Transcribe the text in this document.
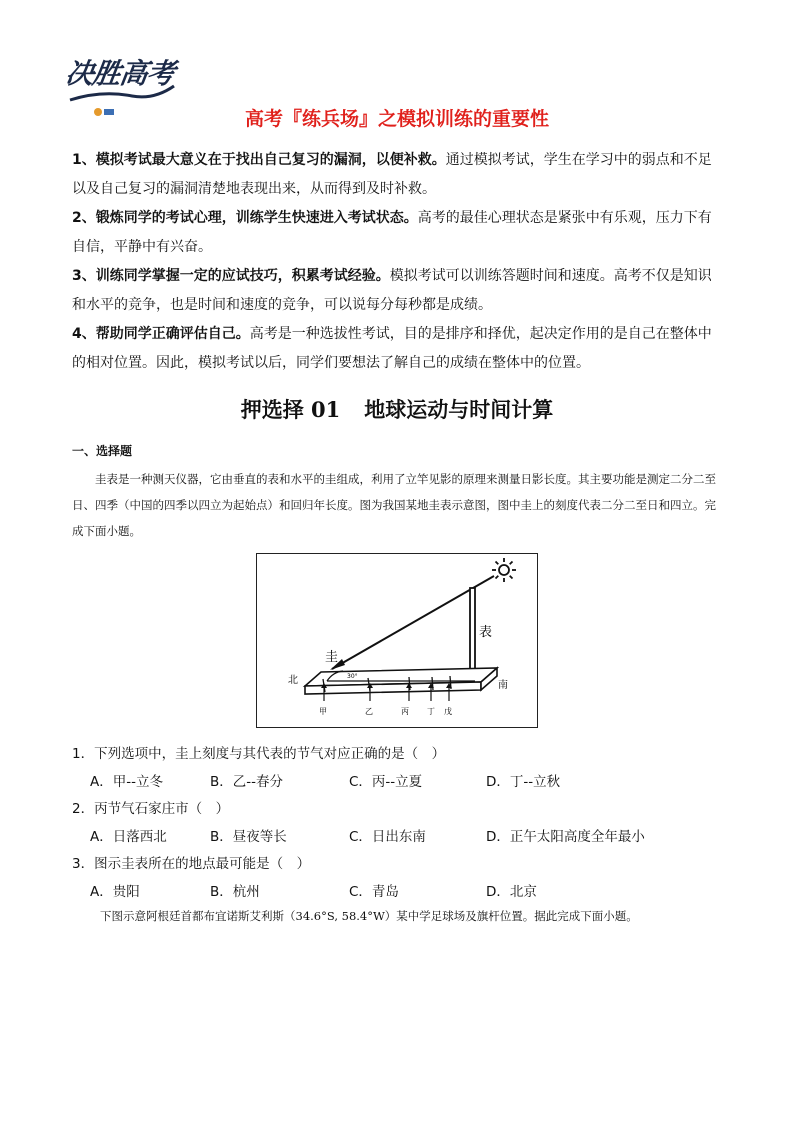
决胜高考
高考『练兵场』之模拟训练的重要性

1、模拟考试最大意义在于找出自己复习的漏洞，以便补救。通过模拟考试，学生在学习中的弱点和不足以及自己复习的漏洞清楚地表现出来，从而得到及时补救。

2、锻炼同学的考试心理，训练学生快速进入考试状态。高考的最佳心理状态是紧张中有乐观，压力下有自信，平静中有兴奋。

3、训练同学掌握一定的应试技巧，积累考试经验。模拟考试可以训练答题时间和速度。高考不仅是知识和水平的竞争，也是时间和速度的竞争，可以说每分每秒都是成绩。

4、帮助同学正确评估自己。高考是一种选拔性考试，目的是排序和择优，起决定作用的是自己在整体中的相对位置。因此，模拟考试以后，同学们要想法了解自己的成绩在整体中的位置。

押选择 01 地球运动与时间计算
一、选择题
圭表是一种测天仪器，它由垂直的表和水平的圭组成，利用了立竿见影的原理来测量日影长度。其主要功能是测定二分二至日、四季（中国的四季以四立为起始点）和回归年长度。图为我国某地圭表示意图，图中圭上的刻度代表二分二至日和四立。完成下面小题。
表
圭
北	南
30°
甲	乙	丙 丁 戊
1．下列选项中，圭上刻度与其代表的节气对应正确的是（　）
A．甲--立冬	B．乙--春分	C．丙--立夏	D．丁--立秋
2．丙节气石家庄市（　）
A．日落西北	B．昼夜等长	C．日出东南	D．正午太阳高度全年最小
3．图示圭表所在的地点最可能是（　）
A．贵阳	B．杭州	C．青岛	D．北京
下图示意阿根廷首都布宜诺斯艾利斯（34.6°S, 58.4°W）某中学足球场及旗杆位置。据此完成下面小题。
